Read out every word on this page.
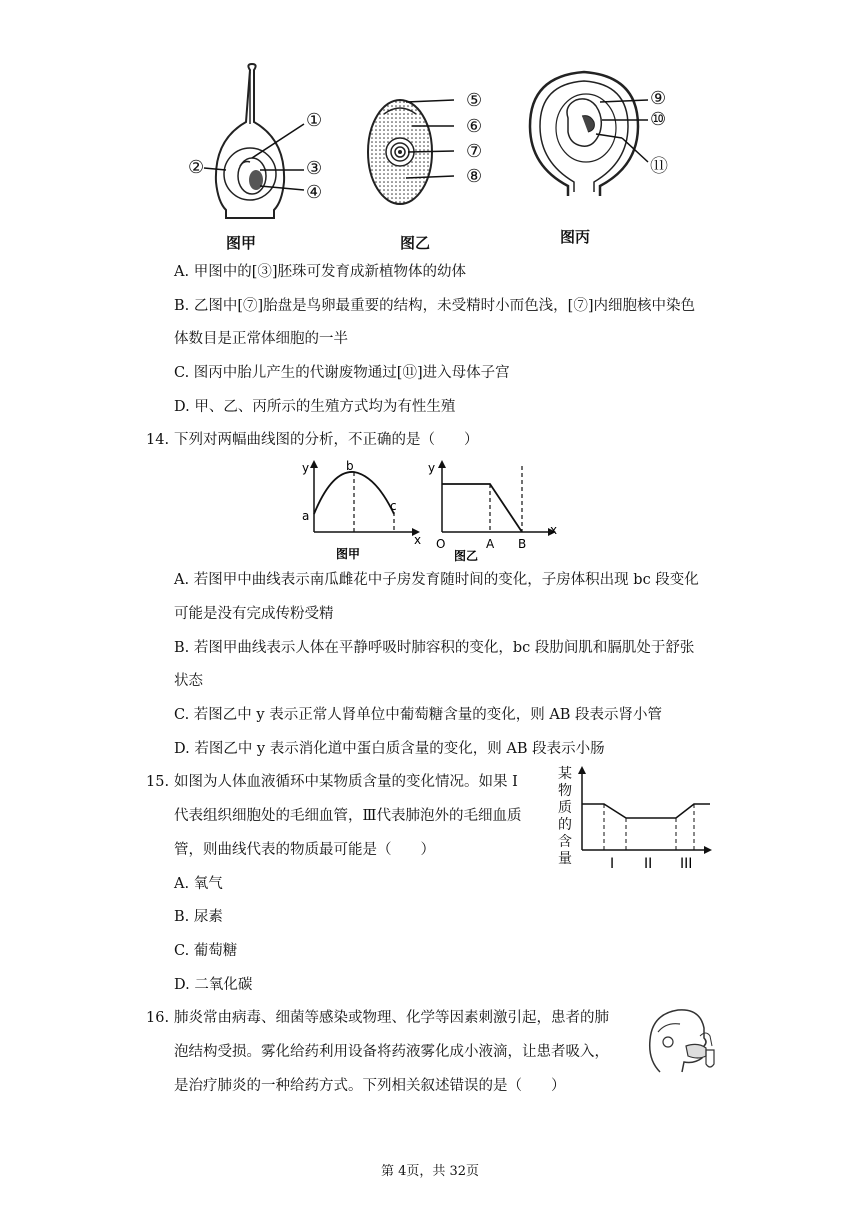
①
②	③
④
图甲
⑤
⑥
⑦
⑧
图乙
⑨
⑩
⑪
图丙
A. 甲图中的[③]胚珠可发育成新植物体的幼体
B. 乙图中[⑦]胎盘是鸟卵最重要的结构，未受精时小而色浅，[⑦]内细胞核中染色
体数目是正常体细胞的一半
C. 图丙中胎儿产生的代谢废物通过[⑪]进入母体子宫
D. 甲、乙、丙所示的生殖方式均为有性生殖
14. 下列对两幅曲线图的分析，不正确的是（　　）
y
a
b
c
x
图甲
y
x
O	A B
图乙
A. 若图甲中曲线表示南瓜雌花中子房发育随时间的变化，子房体积出现 bc 段变化
可能是没有完成传粉受精
B. 若图甲曲线表示人体在平静呼吸时肺容积的变化，bc 段肋间肌和膈肌处于舒张
状态
C. 若图乙中 y 表示正常人肾单位中葡萄糖含量的变化，则 AB 段表示肾小管
D. 若图乙中 y 表示消化道中蛋白质含量的变化，则 AB 段表示小肠
15. 如图为人体血液循环中某物质含量的变化情况。如果 I
代表组织细胞处的毛细血管，Ⅲ代表肺泡外的毛细血质
管，则曲线代表的物质最可能是（　　）
某
物
质
的
含
量	I II III
A. 氧气
B. 尿素
C. 葡萄糖
D. 二氧化碳
16. 肺炎常由病毒、细菌等感染或物理、化学等因素刺激引起，患者的肺
泡结构受损。雾化给药利用设备将药液雾化成小液滴，让患者吸入，
是治疗肺炎的一种给药方式。下列相关叙述错误的是（　　）
第 4页，共 32页
